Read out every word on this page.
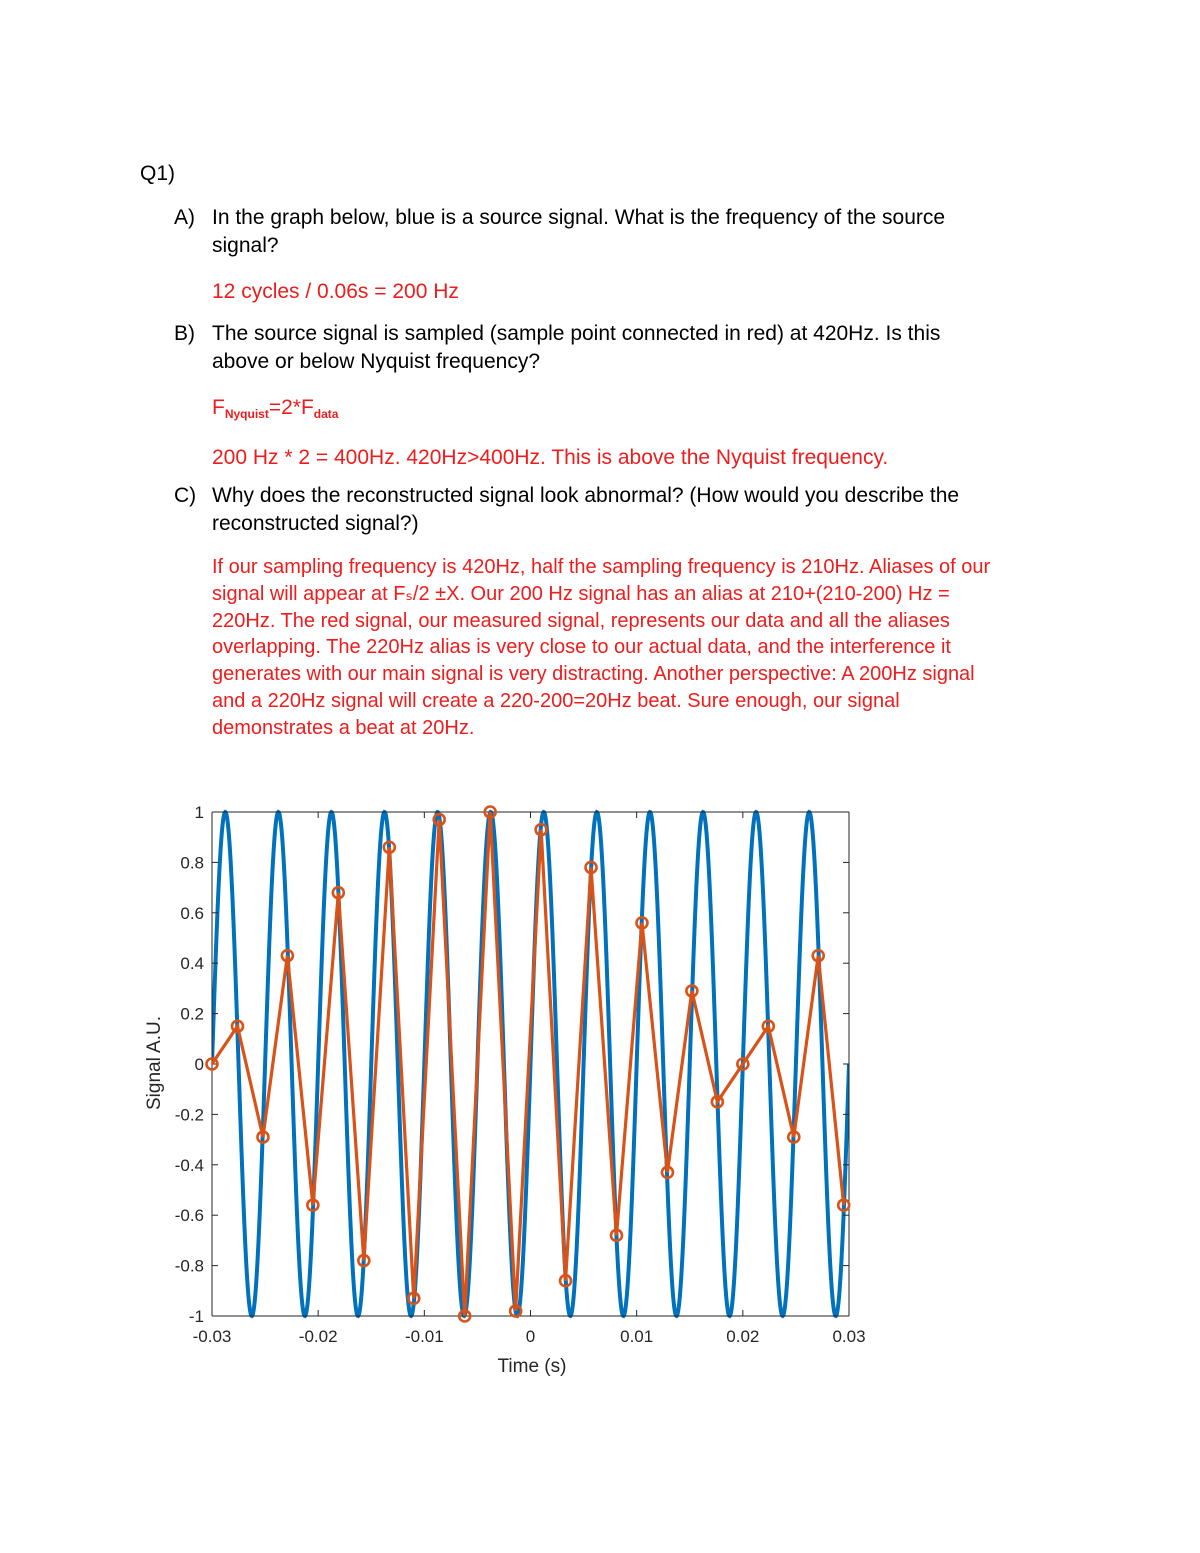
Q1)
A) In the graph below, blue is a source signal. What is the frequency of the source
signal?
12 cycles / 0.06s = 200 Hz
B) The source signal is sampled (sample point connected in red) at 420Hz. Is this
above or below Nyquist frequency?
$F_{Nyquist}=2*F_{data}$
200 Hz * 2 = 400Hz. 420Hz>400Hz. This is above the Nyquist frequency.
C) Why does the reconstructed signal look abnormal? (How would you describe the
reconstructed signal?)
If our sampling frequency is 420Hz, half the sampling frequency is 210Hz. Aliases of our
signal will appear at Fₛ/2 ±X. Our 200 Hz signal has an alias at 210+(210-200) Hz =
220Hz. The red signal, our measured signal, represents our data and all the aliases
overlapping. The 220Hz alias is very close to our actual data, and the interference it
generates with our main signal is very distracting. Another perspective: A 200Hz signal
and a 220Hz signal will create a 220-200=20Hz beat. Sure enough, our signal
demonstrates a beat at 20Hz.
-0.03	-0.02	-0.01	0	0.01	0.02	0.03
-1
-0.8
-0.6
-0.4
-0.2
0
0.2
0.4
0.6
0.8
1
Time (s)
Signal A.U.
